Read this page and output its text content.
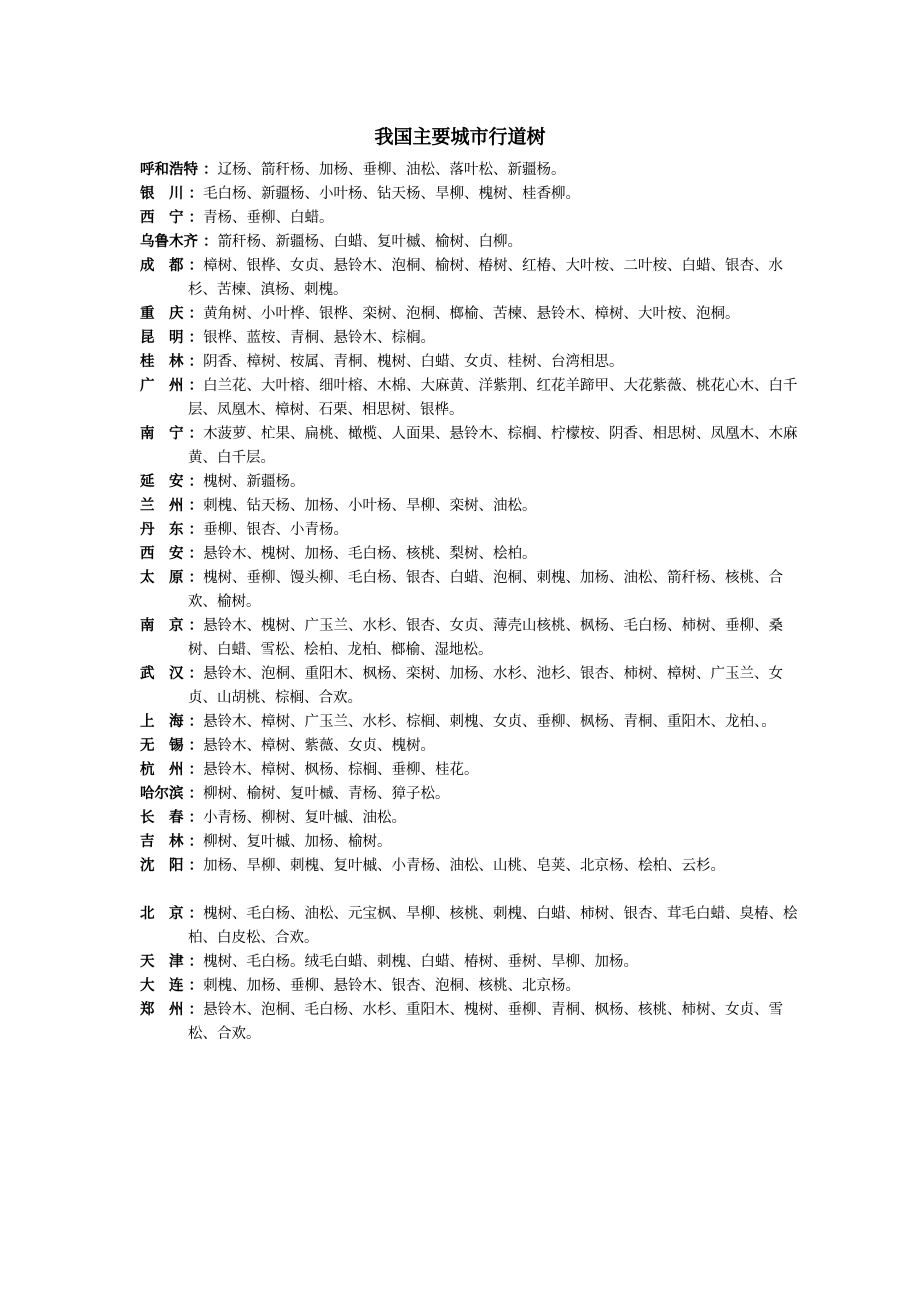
我国主要城市行道树
呼和浩特 ：辽杨、箭秆杨、加杨、垂柳、油松、落叶松、新疆杨。
银　川 ：毛白杨、新疆杨、小叶杨、钻天杨、旱柳、槐树、桂香柳。
西　宁 ：青杨、垂柳、白蜡。
乌鲁木齐 ：箭秆杨、新疆杨、白蜡、复叶槭、榆树、白柳。
成　都 ：樟树、银桦、女贞、悬铃木、泡桐、榆树、椿树、红椿、大叶桉、二叶桉、白蜡、银杏、水杉、苦楝、滇杨、刺槐。
重　庆 ：黄角树、小叶桦、银桦、栾树、泡桐、榔榆、苦楝、悬铃木、樟树、大叶桉、泡桐。
昆　明 ：银桦、蓝桉、青桐、悬铃木、棕榈。
桂　林 ：阴香、樟树、桉属、青桐、槐树、白蜡、女贞、桂树、台湾相思。
广　州 ：白兰花、大叶榕、细叶榕、木棉、大麻黄、洋紫荆、红花羊蹄甲、大花紫薇、桃花心木、白千层、凤凰木、樟树、石栗、相思树、银桦。
南　宁 ：木菠萝、杧果、扁桃、橄榄、人面果、悬铃木、棕榈、柠檬桉、阴香、相思树、凤凰木、木麻黄、白千层。
延　安 ：槐树、新疆杨。
兰　州 ：刺槐、钻天杨、加杨、小叶杨、旱柳、栾树、油松。
丹　东 ：垂柳、银杏、小青杨。
西　安 ：悬铃木、槐树、加杨、毛白杨、核桃、梨树、桧柏。
太　原 ：槐树、垂柳、馒头柳、毛白杨、银杏、白蜡、泡桐、刺槐、加杨、油松、箭秆杨、核桃、合欢、榆树。
南　京 ：悬铃木、槐树、广玉兰、水杉、银杏、女贞、薄壳山核桃、枫杨、毛白杨、柿树、垂柳、桑树、白蜡、雪松、桧柏、龙柏、榔榆、湿地松。
武　汉 ：悬铃木、泡桐、重阳木、枫杨、栾树、加杨、水杉、池杉、银杏、柿树、樟树、广玉兰、女贞、山胡桃、棕榈、合欢。
上　海 ：悬铃木、樟树、广玉兰、水杉、棕榈、刺槐、女贞、垂柳、枫杨、青桐、重阳木、龙柏、。
无　锡 ：悬铃木、樟树、紫薇、女贞、槐树。
杭　州 ：悬铃木、樟树、枫杨、棕榈、垂柳、桂花。
哈尔滨 ：柳树、榆树、复叶槭、青杨、獐子松。
长　春 ：小青杨、柳树、复叶槭、油松。
吉　林 ：柳树、复叶槭、加杨、榆树。
沈　阳 ：加杨、旱柳、刺槐、复叶槭、小青杨、油松、山桃、皂荚、北京杨、桧柏、云杉。
北　京 ：槐树、毛白杨、油松、元宝枫、旱柳、核桃、刺槐、白蜡、柿树、银杏、茸毛白蜡、臭椿、桧柏、白皮松、合欢。
天　津 ：槐树、毛白杨。绒毛白蜡、刺槐、白蜡、椿树、垂树、旱柳、加杨。
大　连 ：刺槐、加杨、垂柳、悬铃木、银杏、泡桐、核桃、北京杨。
郑　州 ：悬铃木、泡桐、毛白杨、水杉、重阳木、槐树、垂柳、青桐、枫杨、核桃、柿树、女贞、雪松、合欢。
